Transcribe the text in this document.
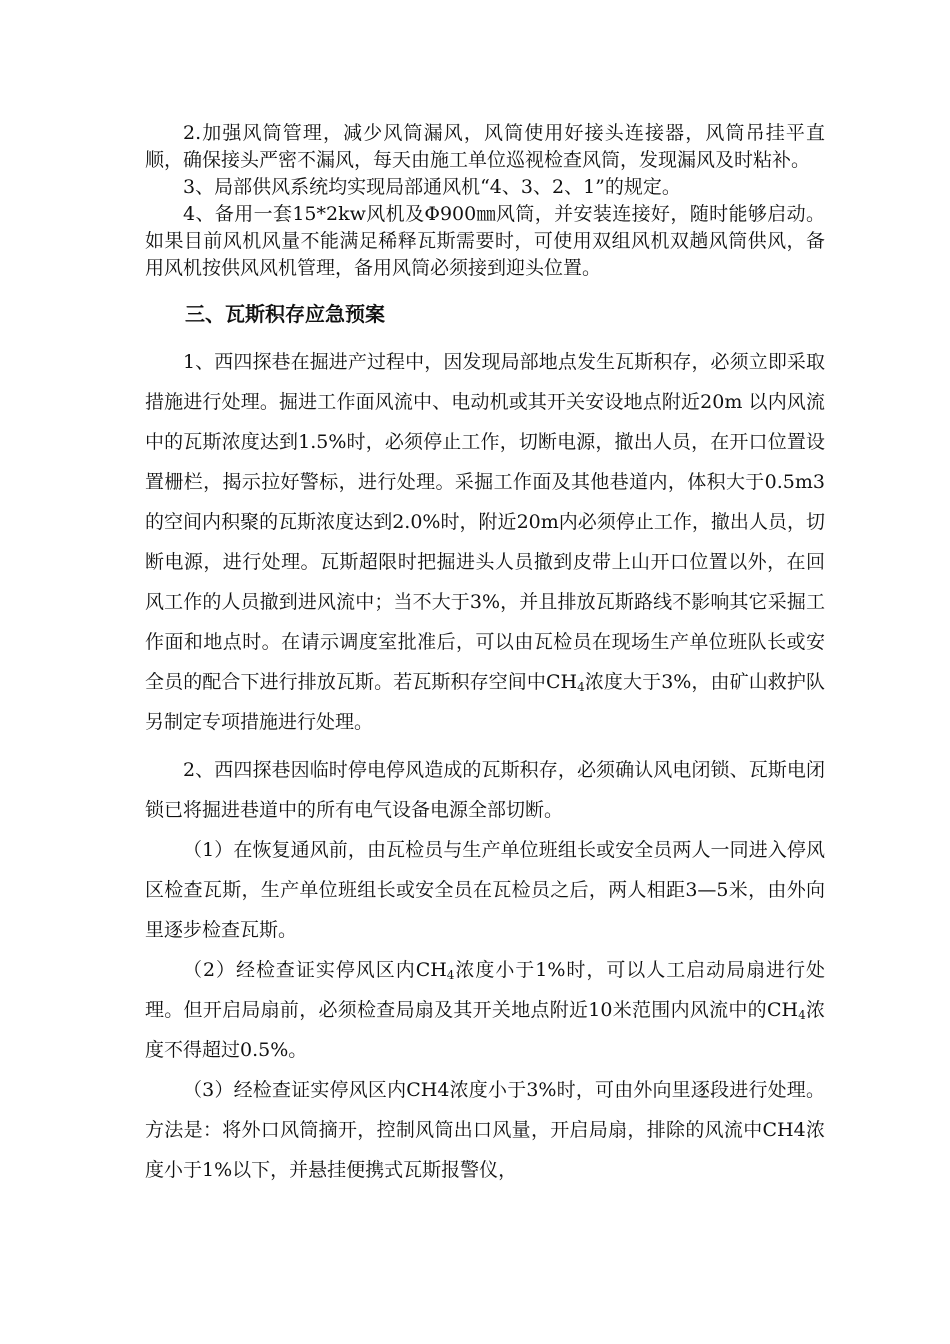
2.加强风筒管理，减少风筒漏风，风筒使用好接头连接器，风筒吊挂平直顺，确保接头严密不漏风，每天由施工单位巡视检查风筒，发现漏风及时粘补。

3、局部供风系统均实现局部通风机“4、3、2、1”的规定。

4、备用一套15*2kw风机及Φ900㎜风筒，并安装连接好，随时能够启动。如果目前风机风量不能满足稀释瓦斯需要时，可使用双组风机双趟风筒供风，备用风机按供风风机管理，备用风筒必须接到迎头位置。

三、瓦斯积存应急预案

1、西四探巷在掘进产过程中，因发现局部地点发生瓦斯积存，必须立即采取措施进行处理。掘进工作面风流中、电动机或其开关安设地点附近20m 以内风流中的瓦斯浓度达到1.5%时，必须停止工作，切断电源，撤出人员，在开口位置设置栅栏，揭示拉好警标，进行处理。采掘工作面及其他巷道内，体积大于0.5m3的空间内积聚的瓦斯浓度达到2.0%时，附近20m内必须停止工作，撤出人员，切断电源，进行处理。瓦斯超限时把掘进头人员撤到皮带上山开口位置以外，在回风工作的人员撤到进风流中；当不大于3%，并且排放瓦斯路线不影响其它采掘工作面和地点时。在请示调度室批准后，可以由瓦检员在现场生产单位班队长或安全员的配合下进行排放瓦斯。若瓦斯积存空间中$CH_4$浓度大于3%，由矿山救护队另制定专项措施进行处理。

2、西四探巷因临时停电停风造成的瓦斯积存，必须确认风电闭锁、瓦斯电闭锁已将掘进巷道中的所有电气设备电源全部切断。

（1）在恢复通风前，由瓦检员与生产单位班组长或安全员两人一同进入停风区检查瓦斯，生产单位班组长或安全员在瓦检员之后，两人相距3—5米，由外向里逐步检查瓦斯。

（2）经检查证实停风区内$CH_4$浓度小于1%时，可以人工启动局扇进行处理。但开启局扇前，必须检查局扇及其开关地点附近10米范围内风流中的$CH_4$浓度不得超过0.5%。

（3）经检查证实停风区内CH4浓度小于3%时，可由外向里逐段进行处理。方法是：将外口风筒摘开，控制风筒出口风量，开启局扇，排除的风流中CH4浓度小于1%以下，并悬挂便携式瓦斯报警仪，
